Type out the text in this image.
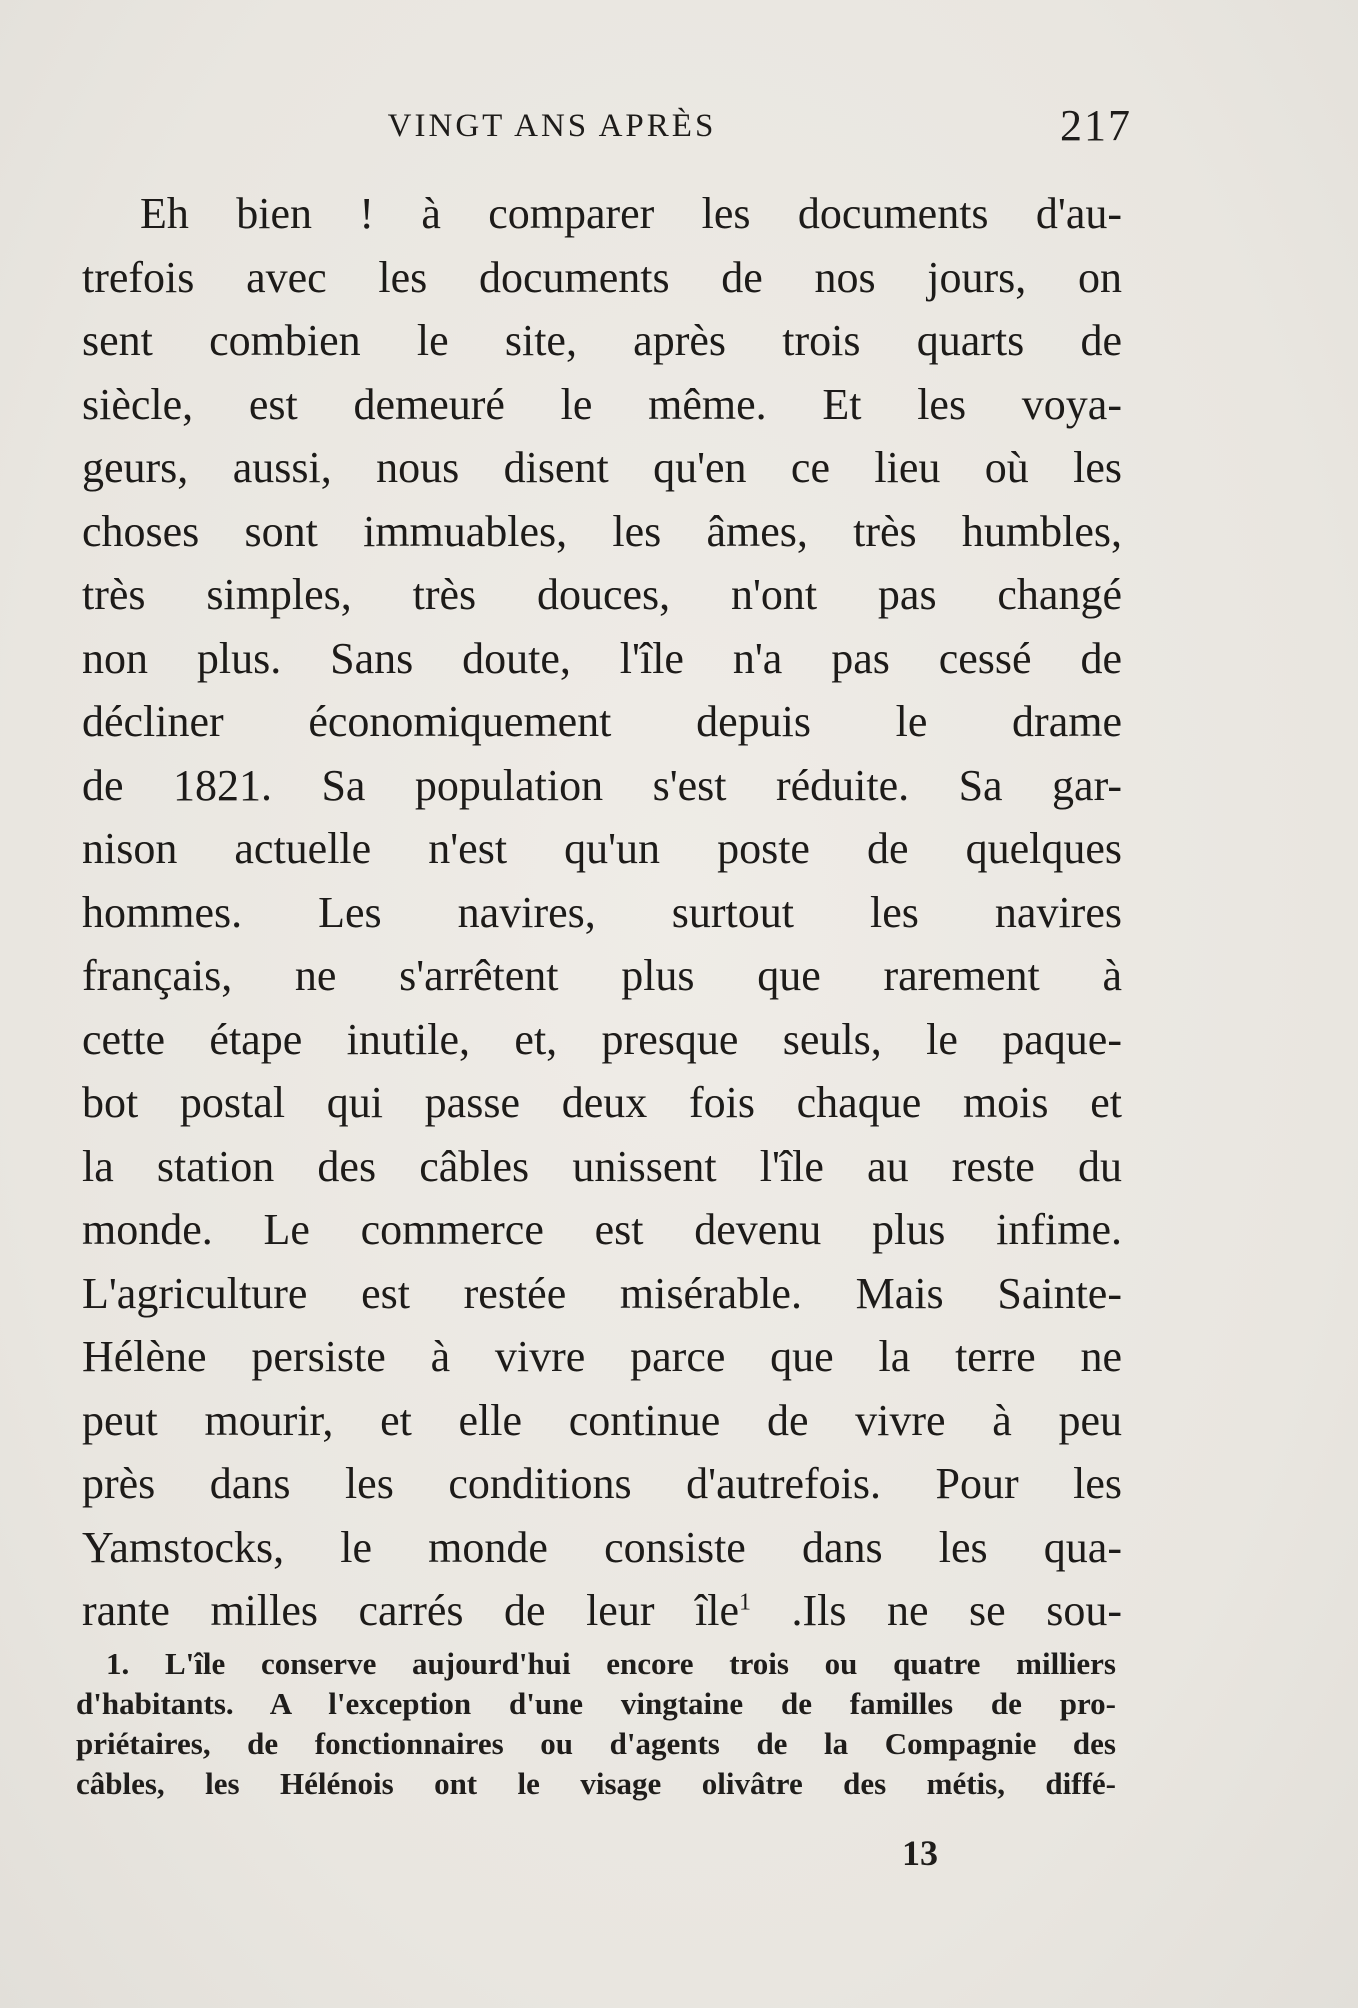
VINGT ANS APRÈS	217
Eh bien ! à comparer les documents d'au-
trefois avec les documents de nos jours, on
sent combien le site, après trois quarts de
siècle, est demeuré le même. Et les voya-
geurs, aussi, nous disent qu'en ce lieu où les
choses sont immuables, les âmes, très humbles,
très simples, très douces, n'ont pas changé
non plus. Sans doute, l'île n'a pas cessé de
décliner économiquement depuis le drame
de 1821. Sa population s'est réduite. Sa gar-
nison actuelle n'est qu'un poste de quelques
hommes. Les navires, surtout les navires
français, ne s'arrêtent plus que rarement à
cette étape inutile, et, presque seuls, le paque-
bot postal qui passe deux fois chaque mois et
la station des câbles unissent l'île au reste du
monde. Le commerce est devenu plus infime.
L'agriculture est restée misérable. Mais Sainte-
Hélène persiste à vivre parce que la terre ne
peut mourir, et elle continue de vivre à peu
près dans les conditions d'autrefois. Pour les
Yamstocks, le monde consiste dans les qua-
rante milles carrés de leur île$^1$ .Ils ne se sou-
1. L'île conserve aujourd'hui encore trois ou quatre milliers
d'habitants. A l'exception d'une vingtaine de familles de pro-
priétaires, de fonctionnaires ou d'agents de la Compagnie des
câbles, les Hélénois ont le visage olivâtre des métis, diffé-
13
